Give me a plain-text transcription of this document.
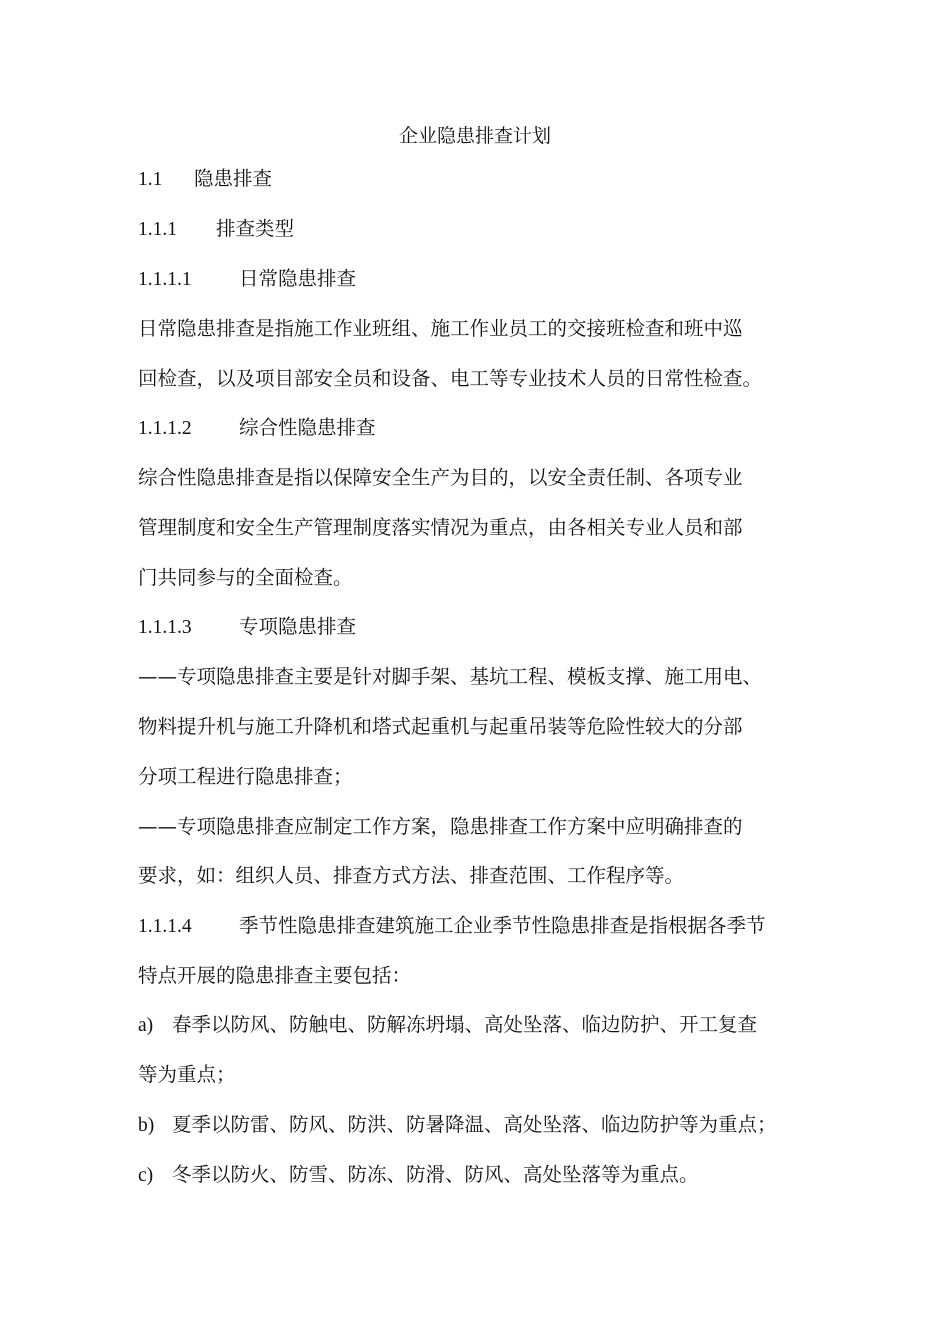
企业隐患排查计划
1.1 隐患排查
1.1.1 排查类型
1.1.1.1 日常隐患排查
日常隐患排查是指施工作业班组、施工作业员工的交接班检查和班中巡
回检查，以及项目部安全员和设备、电工等专业技术人员的日常性检查。
1.1.1.2 综合性隐患排查
综合性隐患排查是指以保障安全生产为目的，以安全责任制、各项专业
管理制度和安全生产管理制度落实情况为重点，由各相关专业人员和部
门共同参与的全面检查。
1.1.1.3 专项隐患排查
——专项隐患排查主要是针对脚手架、基坑工程、模板支撑、施工用电、
物料提升机与施工升降机和塔式起重机与起重吊装等危险性较大的分部
分项工程进行隐患排查；
——专项隐患排查应制定工作方案，隐患排查工作方案中应明确排查的
要求，如：组织人员、排查方式方法、排查范围、工作程序等。
1.1.1.4 季节性隐患排查建筑施工企业季节性隐患排查是指根据各季节
特点开展的隐患排查主要包括：
a) 春季以防风、防触电、防解冻坍塌、高处坠落、临边防护、开工复查
等为重点；
b) 夏季以防雷、防风、防洪、防暑降温、高处坠落、临边防护等为重点；
c) 冬季以防火、防雪、防冻、防滑、防风、高处坠落等为重点。
